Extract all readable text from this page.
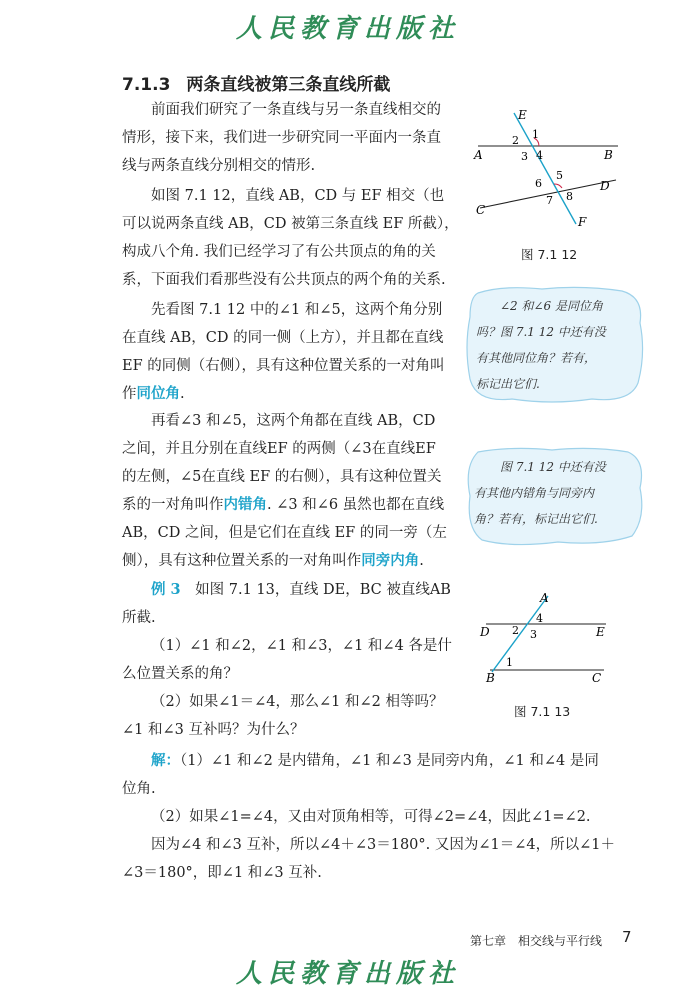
人民教育出版社
7.1.3 两条直线被第三条直线所截
前面我们研究了一条直线与另一条直线相交的
情形，接下来，我们进一步研究同一平面内一条直
线与两条直线分别相交的情形.
如图 7.1 12，直线 AB，CD 与 EF 相交（也
可以说两条直线 AB，CD 被第三条直线 EF 所截），
构成八个角. 我们已经学习了有公共顶点的角的关
系，下面我们看那些没有公共顶点的两个角的关系.
先看图 7.1 12 中的∠1 和∠5，这两个角分别
在直线 AB，CD 的同一侧（上方），并且都在直线
EF 的同侧（右侧），具有这种位置关系的一对角叫
作同位角.
再看∠3 和∠5，这两个角都在直线 AB，CD
之间，并且分别在直线EF 的两侧（∠3在直线EF
的左侧，∠5在直线 EF 的右侧），具有这种位置关
系的一对角叫作内错角. ∠3 和∠6 虽然也都在直线
AB，CD 之间，但是它们在直线 EF 的同一旁（左
侧），具有这种位置关系的一对角叫作同旁内角.
例 3　 如图 7.1 13，直线 DE，BC 被直线AB
所截.
（1）∠1 和∠2，∠1 和∠3，∠1 和∠4 各是什
么位置关系的角？
（2）如果∠1＝∠4，那么∠1 和∠2 相等吗？
∠1 和∠3 互补吗？为什么？
解：（1）∠1 和∠2 是内错角，∠1 和∠3 是同旁内角，∠1 和∠4 是同
位角.
（2）如果∠1=∠4，又由对顶角相等，可得∠2=∠4，因此∠1=∠2.
因为∠4 和∠3 互补，所以∠4＋∠3＝180°. 又因为∠1＝∠4，所以∠1＋
∠3＝180°，即∠1 和∠3 互补.
A	B
C
D
E
F
1
2
3 4
5
6
7 8
图 7.1 12
∠2 和∠6 是同位角
吗？图 7.1 12 中还有没
有其他同位角？若有，
标记出它们.
图 7.1 12 中还有没
有其他内错角与同旁内
角？若有，标记出它们.
A
B	C
D	E
1
2 3
4
图 7.1 13
第七章　相交线与平行线 7
人民教育出版社
